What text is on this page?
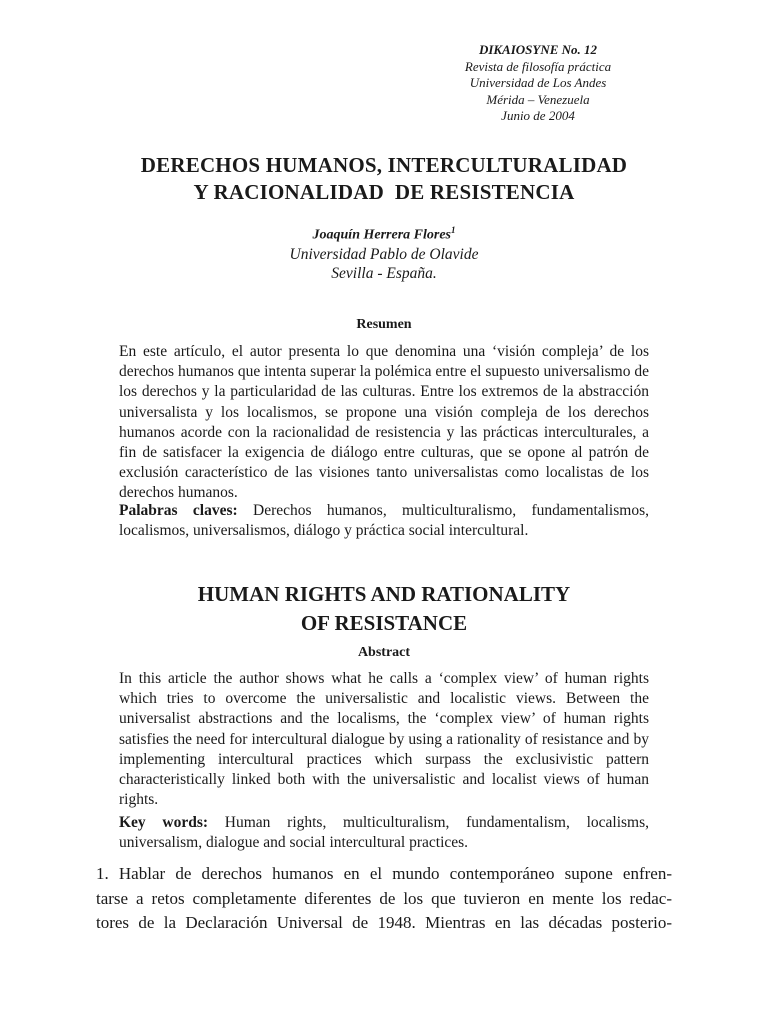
DIKAIOSYNE No. 12
Revista de filosofía práctica
Universidad de Los Andes
Mérida – Venezuela
Junio de 2004
DERECHOS HUMANOS, INTERCULTURALIDAD
Y RACIONALIDAD  DE RESISTENCIA
Joaquín Herrera Flores$^1$
Universidad Pablo de Olavide
Sevilla - España.
Resumen
En este artículo, el autor presenta lo que denomina una ‘visión compleja’ de los derechos humanos que intenta superar la polémica entre el supuesto universalismo de los derechos y la particularidad de las culturas. Entre los extremos de la abstracción universalista y los localismos, se propone una visión compleja de los derechos humanos acorde con la racionalidad de resistencia y las prácticas interculturales, a fin de satisfacer la exigencia de diálogo entre culturas, que se opone al patrón de exclusión característico de las visiones tanto universalistas como localistas de los derechos humanos.
Palabras claves: Derechos humanos, multiculturalismo, fundamentalismos, localismos, universalismos, diálogo y práctica social intercultural.
HUMAN RIGHTS AND RATIONALITY
OF RESISTANCE
Abstract
In this article the author shows what he calls a ‘complex view’ of human rights which tries to overcome the universalistic and localistic views. Between the universalist abstractions and the localisms, the ‘complex view’ of human rights satisfies the need for intercultural dialogue by using a rationality of resistance and by implementing intercultural practices which surpass the exclusivistic pattern characteristically linked both with the universalistic and localist views of human rights.
Key words: Human rights, multiculturalism, fundamentalism, localisms, universalism, dialogue and social intercultural practices.
1. Hablar de derechos humanos en el mundo contemporáneo supone enfren-
tarse a retos completamente diferentes de los que tuvieron en mente los redac-
tores de la Declaración Universal de 1948. Mientras en las décadas posterio-
